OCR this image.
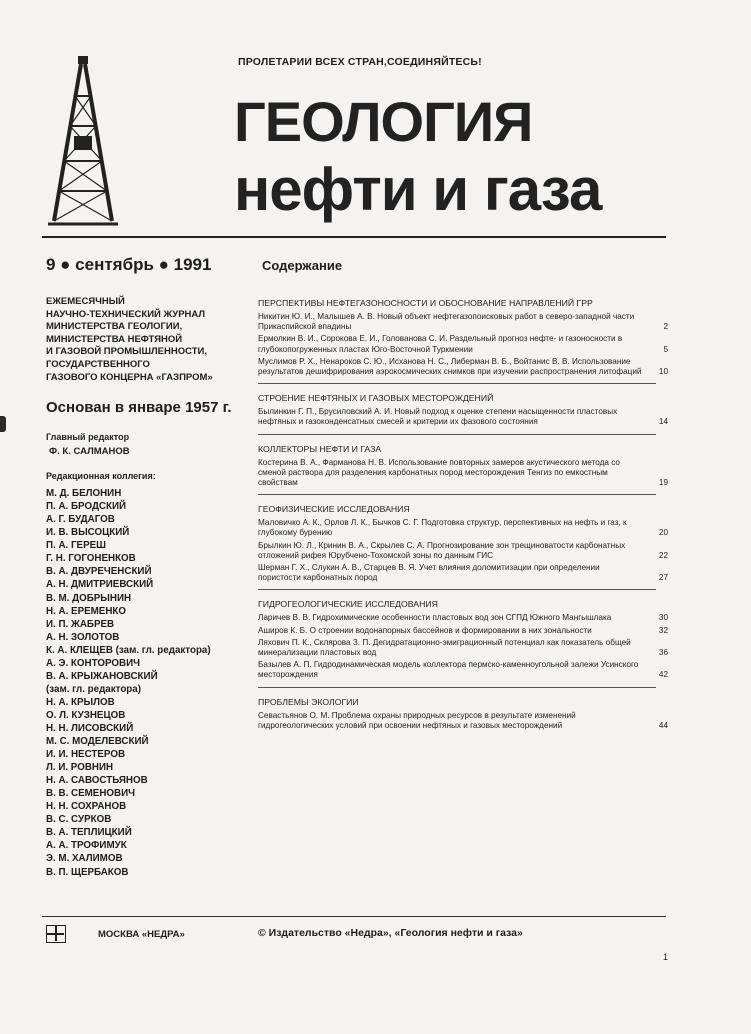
ПРОЛЕТАРИИ ВСЕХ СТРАН,СОЕДИНЯЙТЕСЬ!
ГЕОЛОГИЯ
нефти и газа
9 ● сентябрь ● 1991	Содержание
ЕЖЕМЕСЯЧНЫЙ
НАУЧНО-ТЕХНИЧЕСКИЙ ЖУРНАЛ
МИНИСТЕРСТВА ГЕОЛОГИИ,
МИНИСТЕРСТВА НЕФТЯНОЙ
И ГАЗОВОЙ ПРОМЫШЛЕННОСТИ,
ГОСУДАРСТВЕННОГО
ГАЗОВОГО КОНЦЕРНА «ГАЗПРОМ»
Основан в январе 1957 г.
Главный редактор
Ф. К. САЛМАНОВ
Редакционная коллегия:
М. Д. БЕЛОНИН
П. А. БРОДСКИЙ
А. Г. БУДАГОВ
И. В. ВЫСОЦКИЙ
П. А. ГЕРЕШ
Г. Н. ГОГОНЕНКОВ
В. А. ДВУРЕЧЕНСКИЙ
А. Н. ДМИТРИЕВСКИЙ
В. М. ДОБРЫНИН
Н. А. ЕРЕМЕНКО
И. П. ЖАБРЕВ
А. Н. ЗОЛОТОВ
К. А. КЛЕЩЕВ (зам. гл. редактора)
А. Э. КОНТОРОВИЧ
В. А. КРЫЖАНОВСКИЙ
(зам. гл. редактора)
Н. А. КРЫЛОВ
О. Л. КУЗНЕЦОВ
Н. Н. ЛИСОВСКИЙ
М. С. МОДЕЛЕВСКИЙ
И. И. НЕСТЕРОВ
Л. И. РОВНИН
Н. А. САВОСТЬЯНОВ
В. В. СЕМЕНОВИЧ
Н. Н. СОХРАНОВ
В. С. СУРКОВ
В. А. ТЕПЛИЦКИЙ
А. А. ТРОФИМУК
Э. М. ХАЛИМОВ
В. П. ЩЕРБАКОВ
ПЕРСПЕКТИВЫ НЕФТЕГАЗОНОСНОСТИ И ОБОСНОВАНИЕ НАПРАВЛЕНИЙ ГРР
Никитин Ю. И., Малышев А. В. Новый объект нефтегазопоисковых работ в северо-западной части Прикаспийской впадины	2
Ермолкин В. И., Сорокова Е. И., Голованова С. И. Раздельный прогноз нефте- и газоносности в глубокопогруженных пластах Юго-Восточной Туркмении	5
Муслимов Р. Х., Ненароков С. Ю., Исханова Н. С., Либерман В. Б., Войтанис В. В. Использование результатов дешифрирования аэрокосмических снимков при изучении распространения литофаций 10
СТРОЕНИЕ НЕФТЯНЫХ И ГАЗОВЫХ МЕСТОРОЖДЕНИЙ
Былинкин Г. П., Брусиловский А. И. Новый подход к оценке степени насыщенности пластовых нефтяных и газоконденсатных смесей и критерии их фазового состояния	14
КОЛЛЕКТОРЫ НЕФТИ И ГАЗА
Костерина В. А., Фарманова Н. В. Использование повторных замеров акустического метода со сменой раствора для разделения карбонатных пород месторождения Тенгиз по емкостным свойствам	19
ГЕОФИЗИЧЕСКИЕ ИССЛЕДОВАНИЯ
Маловичко А. К., Орлов Л. К., Бычков С. Г. Подготовка структур, перспективных на нефть и газ, к глубокому бурению	20
Брылкин Ю. Л., Кринин В. А., Скрылев С. А. Прогнозирование зон трещиноватости карбонатных отложений рифея Юрубчено-Тохомской зоны по данным ГИС	22
Шерман Г. Х., Слукин А. В., Старцев В. Я. Учет влияния доломитизации при определении пористости карбонатных пород	27
ГИДРОГЕОЛОГИЧЕСКИЕ ИССЛЕДОВАНИЯ
Ларичев В. В. Гидрохимические особенности пластовых вод зон СГПД Южного Мангышлака	30
Аширов К. Б. О строении водонапорных бассейнов и формировании в них зональности	32
Ляхович П. К., Склярова З. П. Дегидратационно-эмиграционный потенциал как показатель общей минерализации пластовых вод	36
Базылев А. П. Гидродинамическая модель коллектора пермско-каменноугольной залежи Усинского месторождения	42
ПРОБЛЕМЫ ЭКОЛОГИИ
Севастьянов О. М. Проблема охраны природных ресурсов в результате изменений гидрогеологических условий при освоении нефтяных и газовых месторождений	44
МОСКВА «НЕДРА»	© Издательство «Недра», «Геология нефти и газа»
1
